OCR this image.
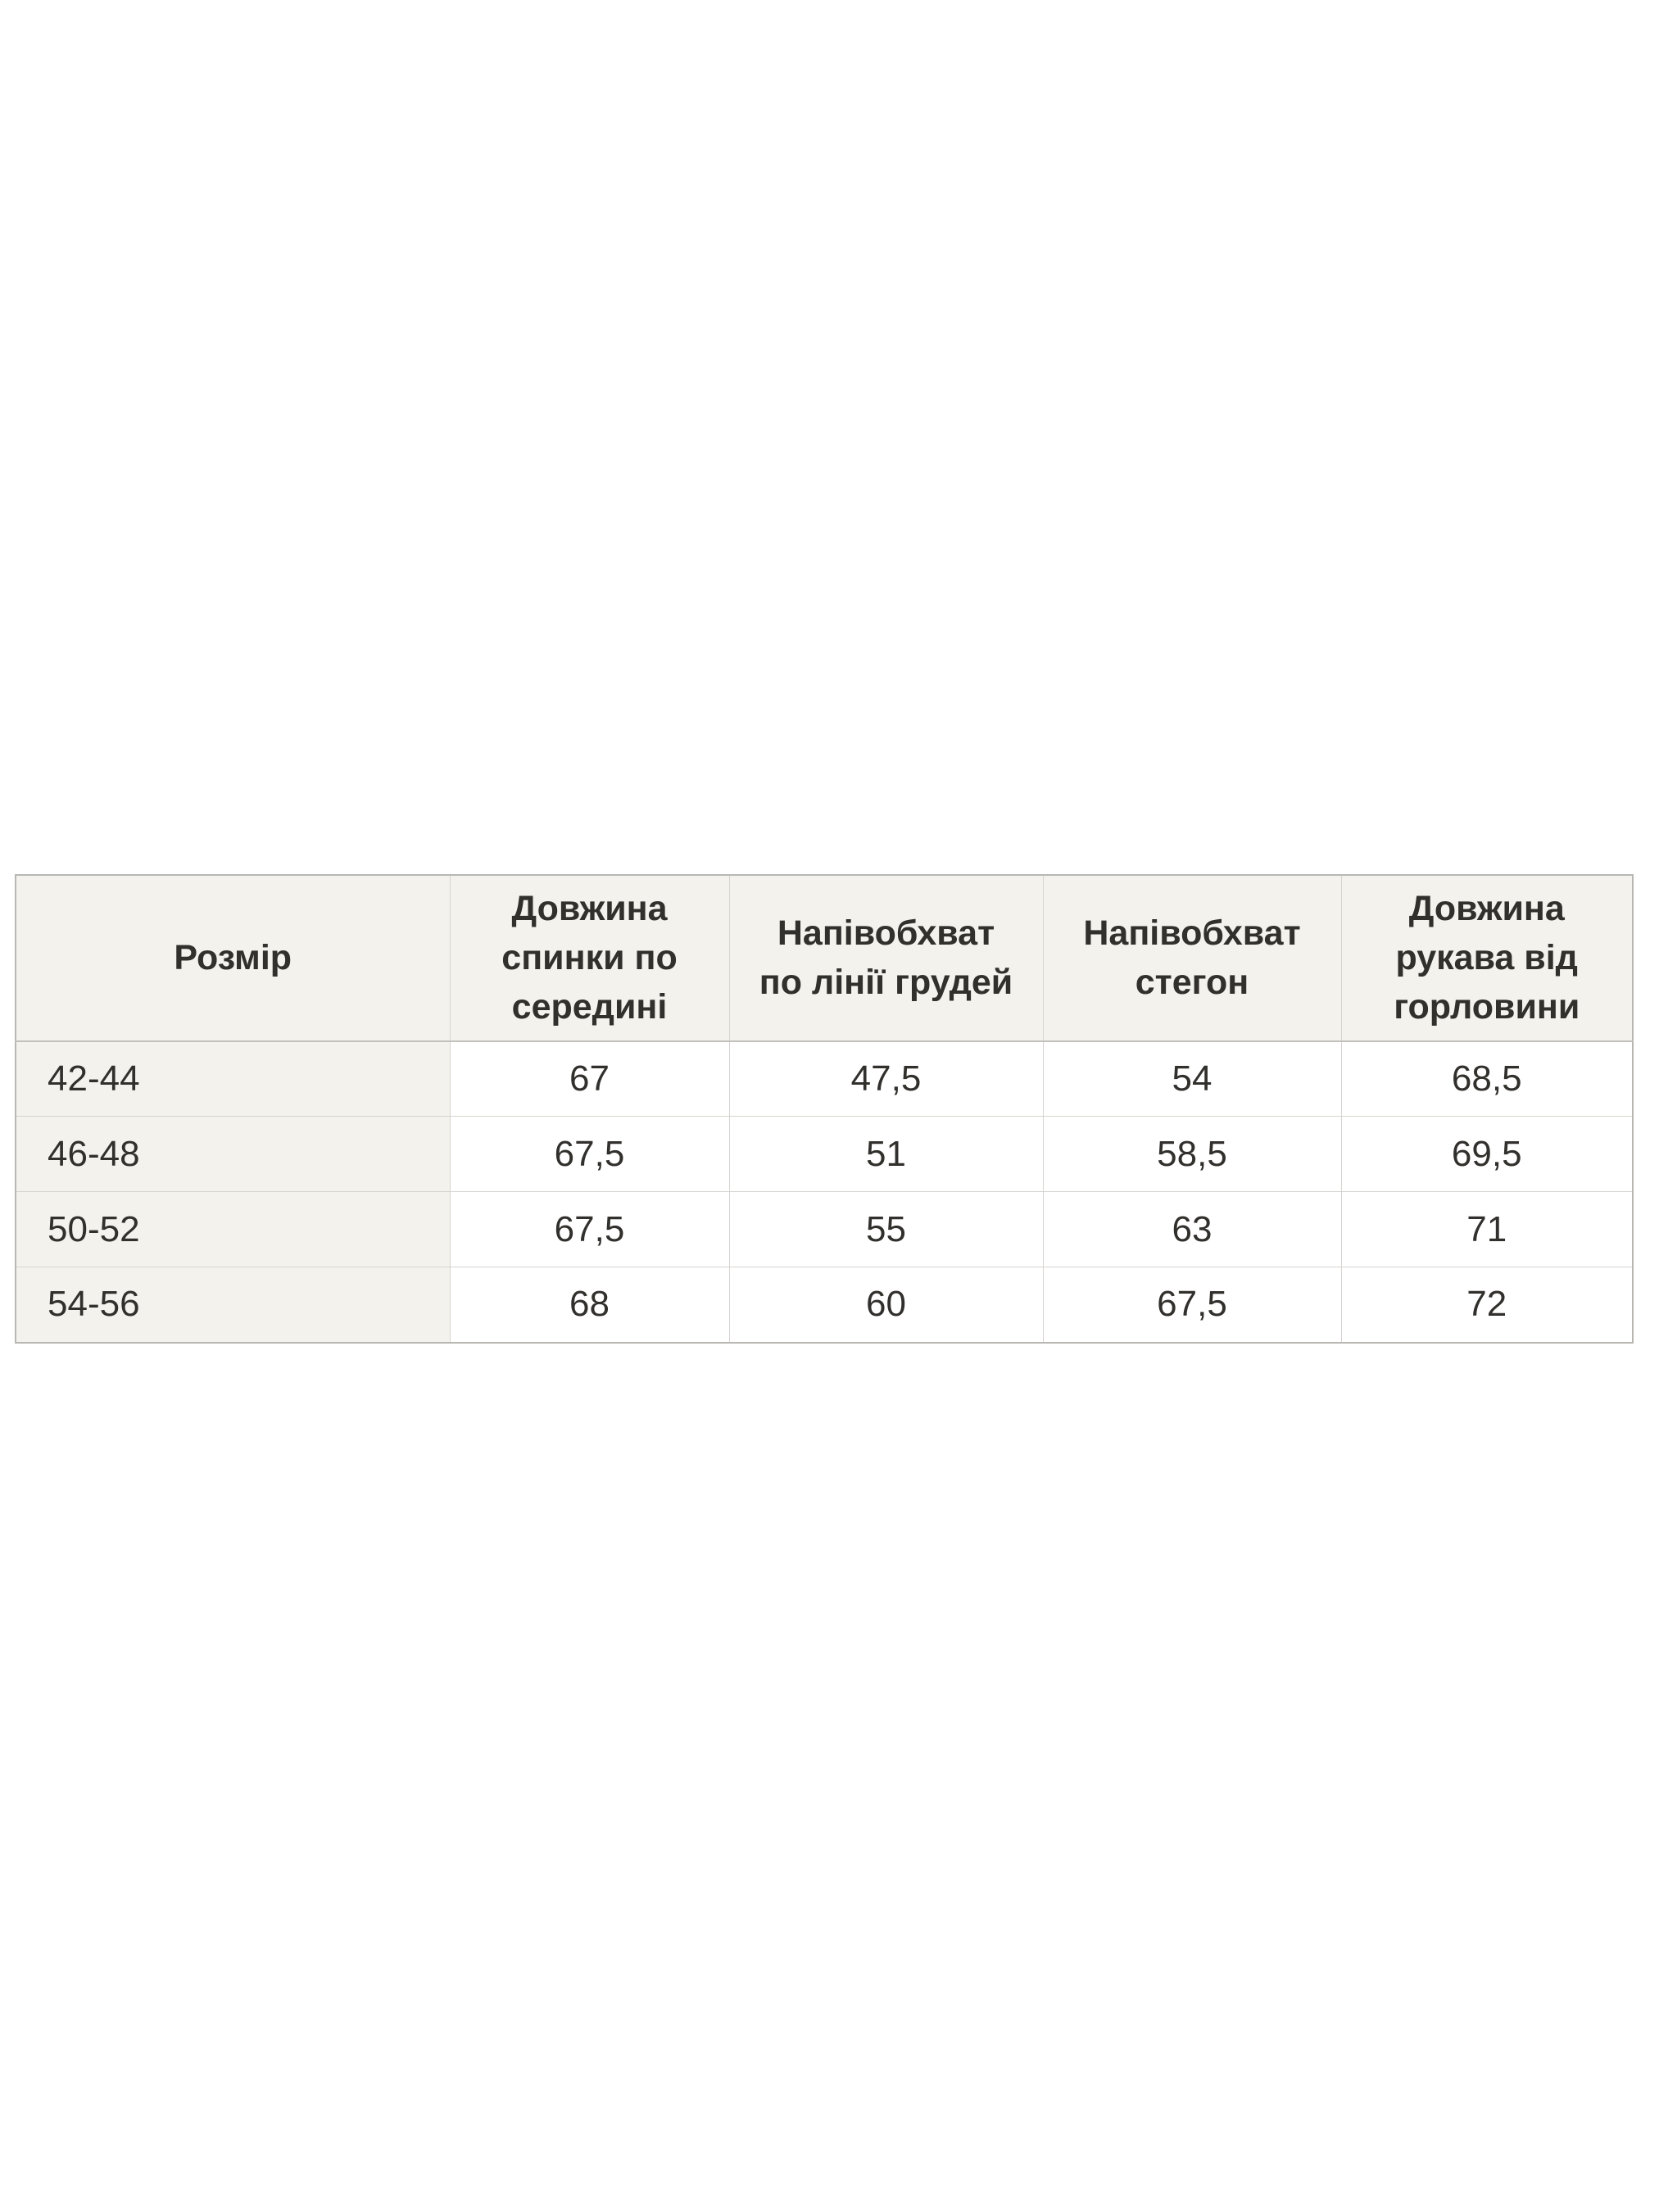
Розмір	Довжина спинки по середині	Напівобхват по лінії грудей	Напівобхват стегон	Довжина рукава від горловини
42-44	67	47,5	54	68,5
46-48	67,5	51	58,5	69,5
50-52	67,5	55	63	71
54-56	68	60	67,5	72
